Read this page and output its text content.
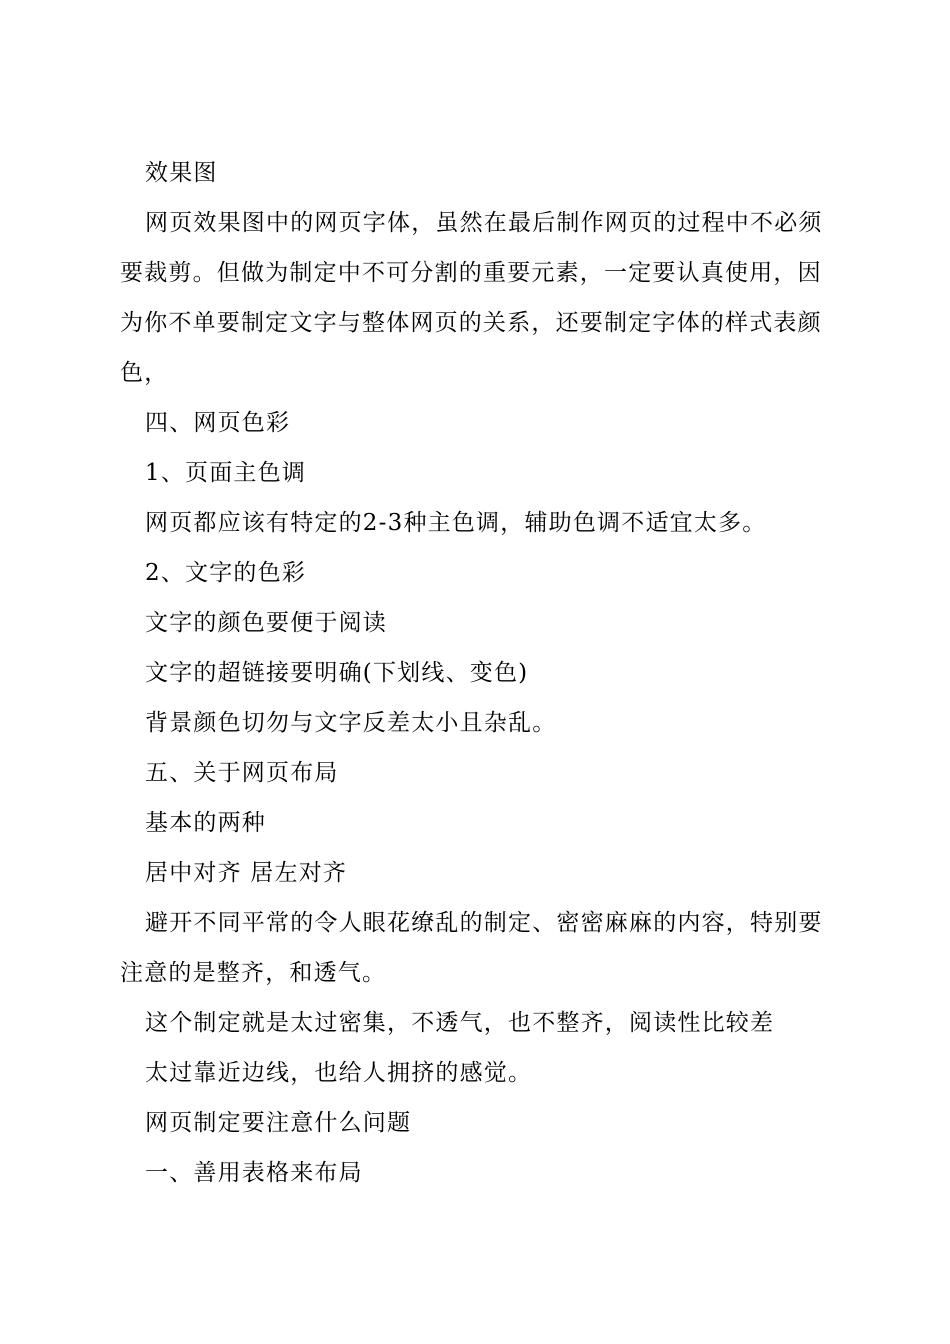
效果图

网页效果图中的网页字体，虽然在最后制作网页的过程中不必须要裁剪。但做为制定中不可分割的重要元素，一定要认真使用，因为你不单要制定文字与整体网页的关系，还要制定字体的样式表颜色，

四、网页色彩

1、页面主色调

网页都应该有特定的2-3种主色调，辅助色调不适宜太多。

2、文字的色彩

文字的颜色要便于阅读

文字的超链接要明确(下划线、变色)

背景颜色切勿与文字反差太小且杂乱。

五、关于网页布局

基本的两种

居中对齐 居左对齐

避开不同平常的令人眼花缭乱的制定、密密麻麻的内容，特别要注意的是整齐，和透气。

这个制定就是太过密集，不透气，也不整齐，阅读性比较差

太过靠近边线，也给人拥挤的感觉。

网页制定要注意什么问题

一、善用表格来布局
